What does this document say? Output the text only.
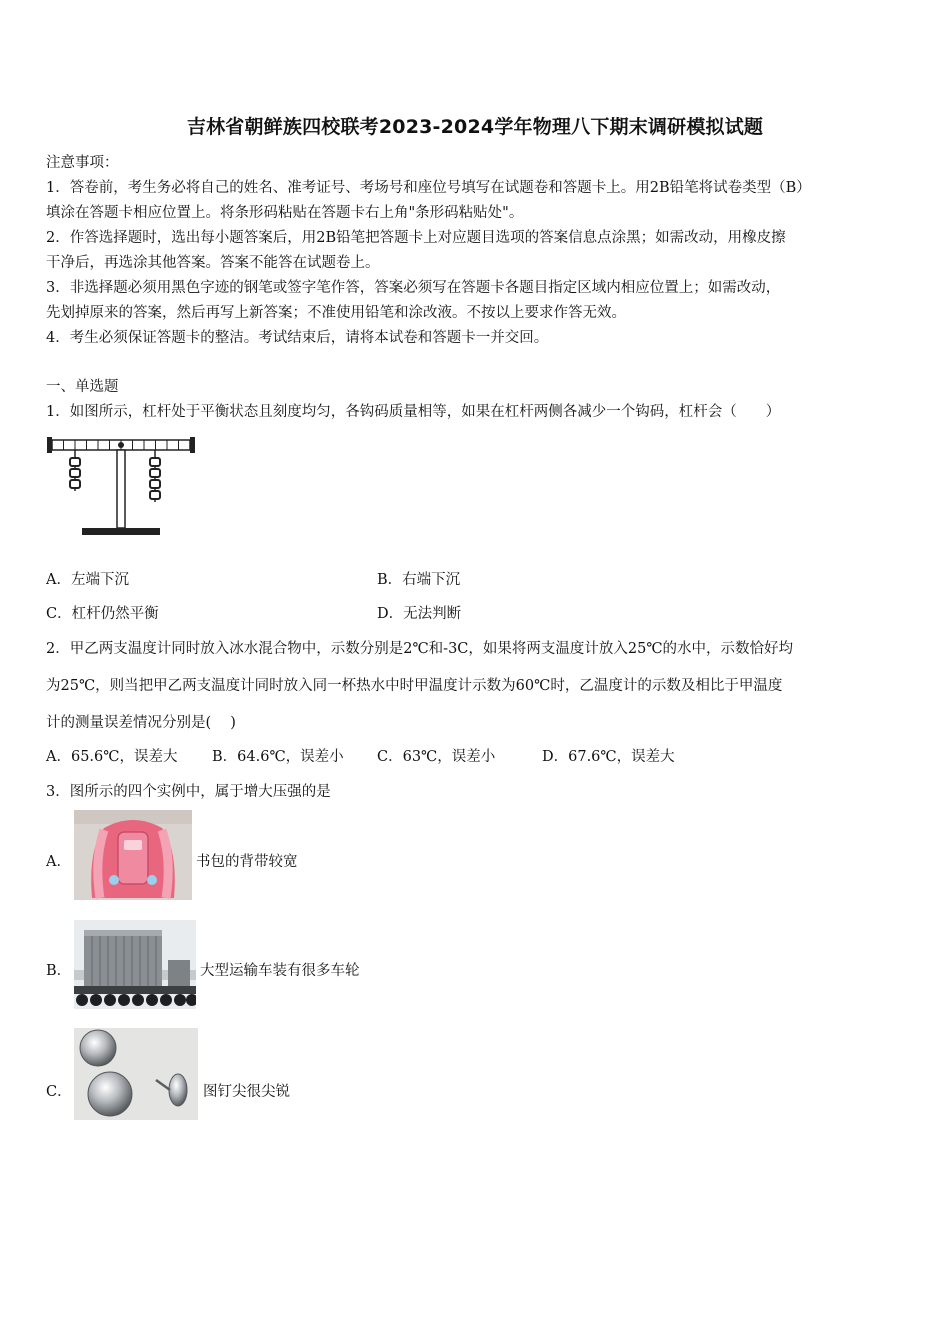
吉林省朝鲜族四校联考2023-2024学年物理八下期末调研模拟试题
注意事项：
1．答卷前，考生务必将自己的姓名、准考证号、考场号和座位号填写在试题卷和答题卡上。用2B铅笔将试卷类型（B）
填涂在答题卡相应位置上。将条形码粘贴在答题卡右上角"条形码粘贴处"。
2．作答选择题时，选出每小题答案后，用2B铅笔把答题卡上对应题目选项的答案信息点涂黑；如需改动，用橡皮擦
干净后，再选涂其他答案。答案不能答在试题卷上。
3．非选择题必须用黑色字迹的钢笔或签字笔作答，答案必须写在答题卡各题目指定区域内相应位置上；如需改动，
先划掉原来的答案，然后再写上新答案；不准使用铅笔和涂改液。不按以上要求作答无效。
4．考生必须保证答题卡的整洁。考试结束后，请将本试卷和答题卡一并交回。
一、单选题
1．如图所示，杠杆处于平衡状态且刻度均匀，各钩码质量相等，如果在杠杆两侧各减少一个钩码，杠杆会（　　）
A．左端下沉	B．右端下沉
C．杠杆仍然平衡	D．无法判断
2．甲乙两支温度计同时放入冰水混合物中，示数分别是2℃和-3C，如果将两支温度计放入25℃的水中，示数恰好均
为25℃，则当把甲乙两支温度计同时放入同一杯热水中时甲温度计示数为60℃时，乙温度计的示数及相比于甲温度
计的测量误差情况分别是(　 )
A．65.6℃，误差大 B．64.6℃，误差小 C．63℃，误差小	D．67.6℃，误差大
3．图所示的四个实例中，属于增大压强的是
A．	书包的背带较宽
B．	大型运输车装有很多车轮
C．	图钉尖很尖锐
